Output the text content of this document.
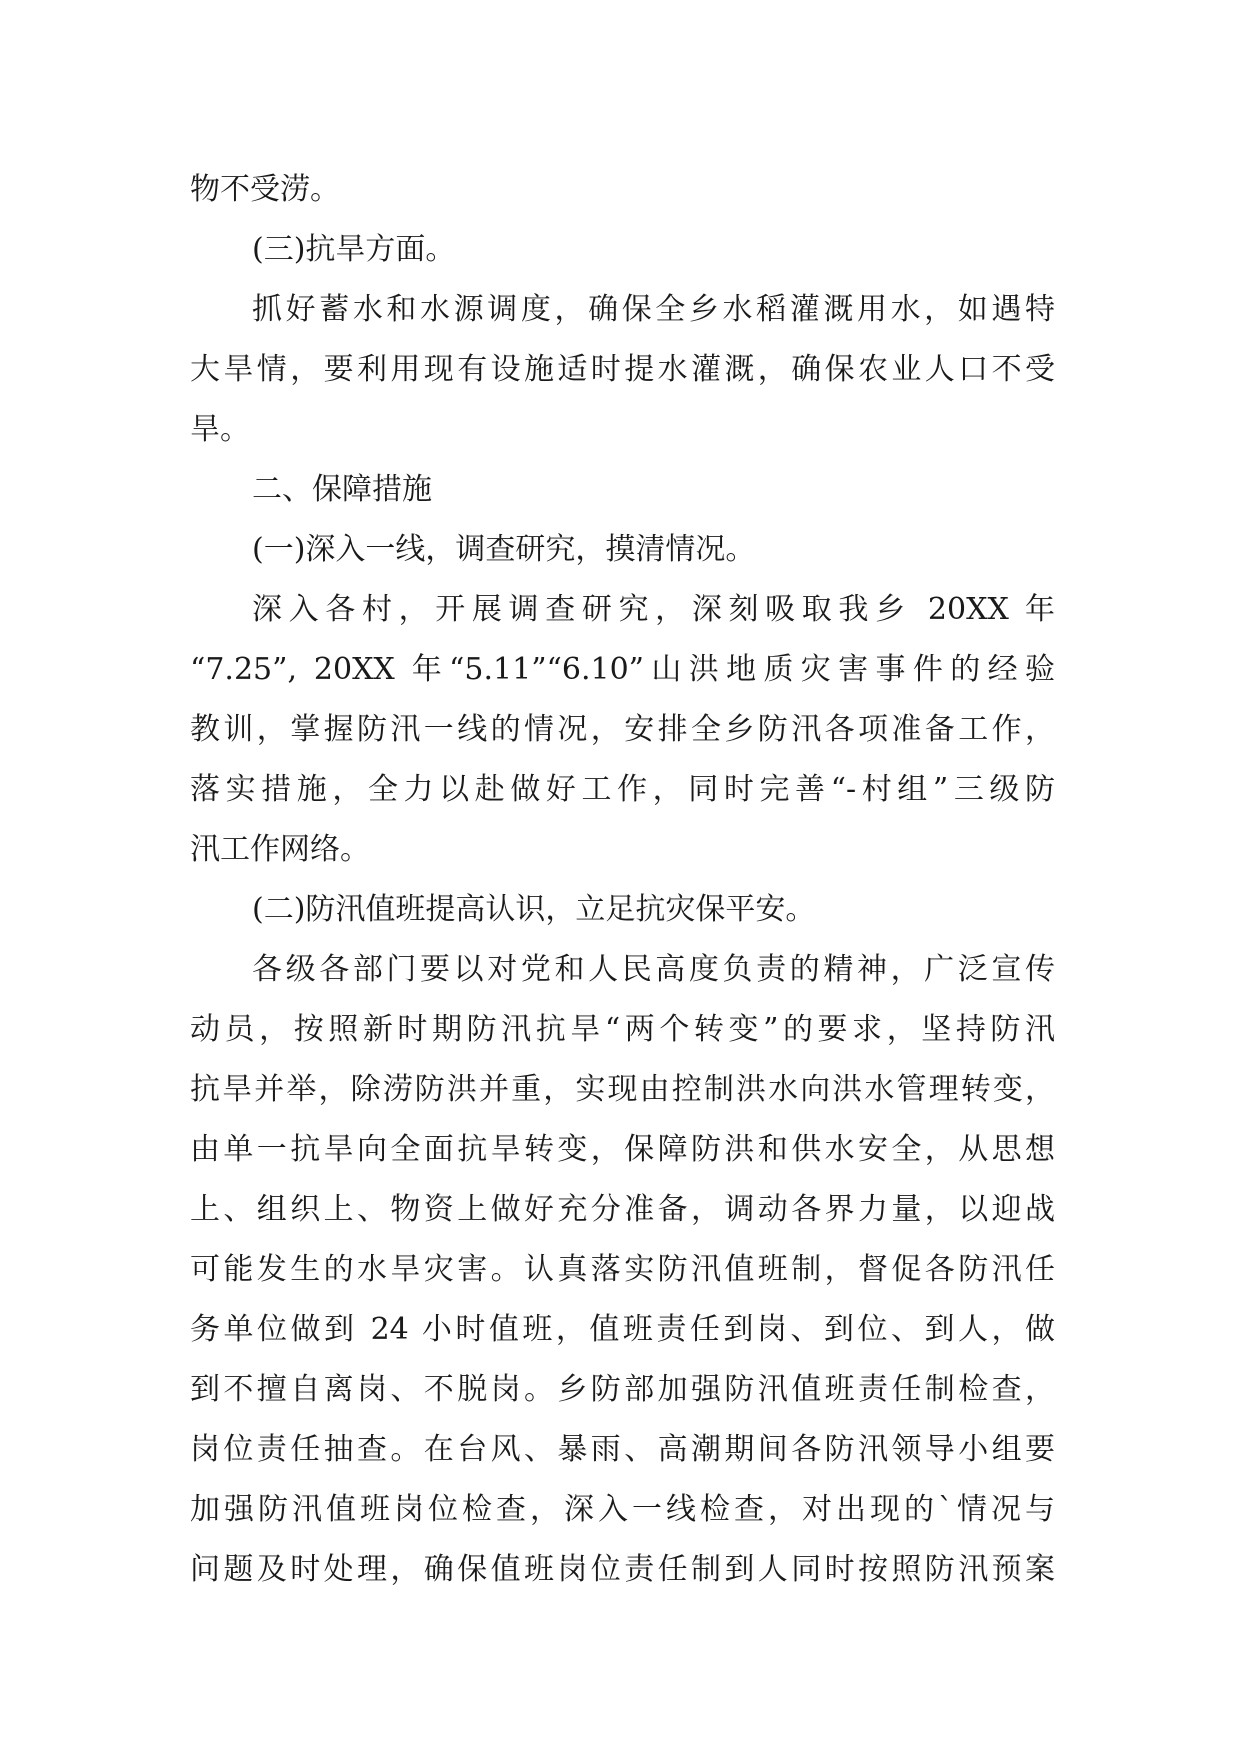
物不受涝。
(三)抗旱方面。
抓好蓄水和水源调度，确保全乡水稻灌溉用水，如遇特
大旱情，要利用现有设施适时提水灌溉，确保农业人口不受
旱。
二、保障措施
(一)深入一线，调查研究，摸清情况。
深入各村，开展调查研究，深刻吸取我乡 20XX 年
“7.25”, 20XX 年“5.11”“6.10”山洪地质灾害事件的经验
教训，掌握防汛一线的情况，安排全乡防汛各项准备工作，
落实措施，全力以赴做好工作，同时完善“-村组”三级防
汛工作网络。
(二)防汛值班提高认识，立足抗灾保平安。
各级各部门要以对党和人民高度负责的精神，广泛宣传
动员，按照新时期防汛抗旱“两个转变”的要求，坚持防汛
抗旱并举，除涝防洪并重，实现由控制洪水向洪水管理转变，
由单一抗旱向全面抗旱转变，保障防洪和供水安全，从思想
上、组织上、物资上做好充分准备，调动各界力量，以迎战
可能发生的水旱灾害。认真落实防汛值班制，督促各防汛任
务单位做到 24 小时值班，值班责任到岗、到位、到人，做
到不擅自离岗、不脱岗。乡防部加强防汛值班责任制检查，
岗位责任抽查。在台风、暴雨、高潮期间各防汛领导小组要
加强防汛值班岗位检查，深入一线检查，对出现的`情况与
问题及时处理，确保值班岗位责任制到人同时按照防汛预案
